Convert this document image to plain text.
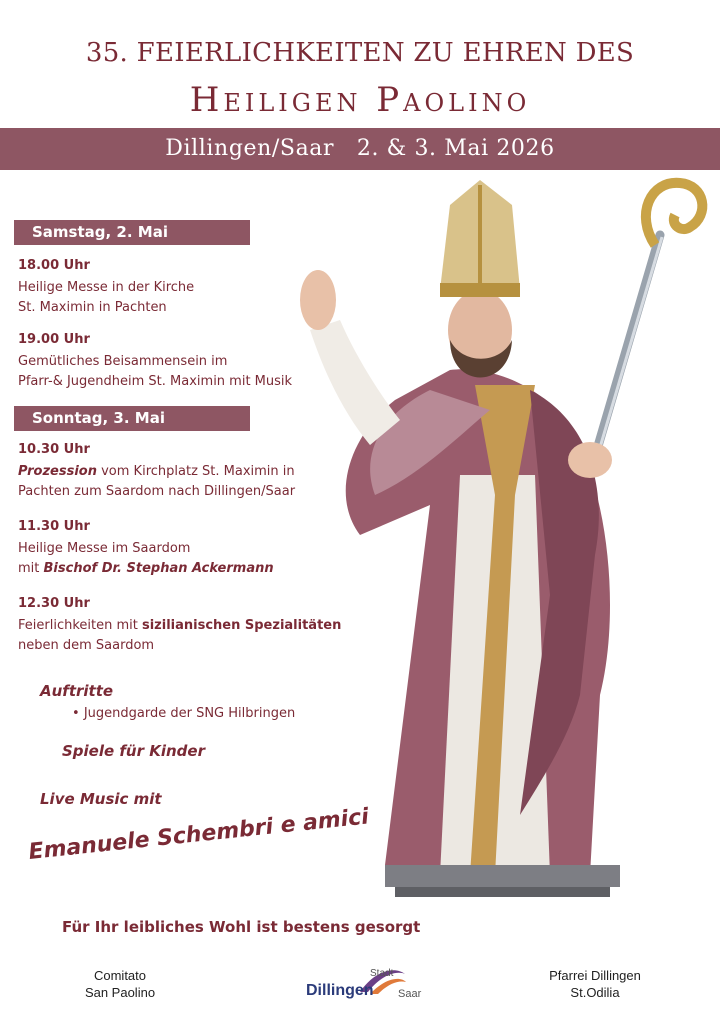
35. FEIERLICHKEITEN ZU EHREN DES
Heiligen Paolino
Dillingen/Saar   2. & 3. Mai 2026
Samstag, 2. Mai
18.00 Uhr
Heilige Messe in der Kirche
St. Maximin in Pachten
19.00 Uhr
Gemütliches Beisammensein im
Pfarr-& Jugendheim St. Maximin mit Musik
Sonntag, 3. Mai
10.30 Uhr
Prozession vom Kirchplatz St. Maximin in
Pachten zum Saardom nach Dillingen/Saar
11.30 Uhr
Heilige Messe im Saardom
mit Bischof Dr. Stephan Ackermann
12.30 Uhr
Feierlichkeiten mit sizilianischen Spezialitäten
neben dem Saardom
Auftritte
• Jugendgarde der SNG Hilbringen
Spiele für Kinder
Live Music mit
Emanuele Schembri e amici
Für Ihr leibliches Wohl ist bestens gesorgt
Comitato
San Paolino
Stadt
Dillingen Saar
Pfarrei Dillingen
St.Odilia
